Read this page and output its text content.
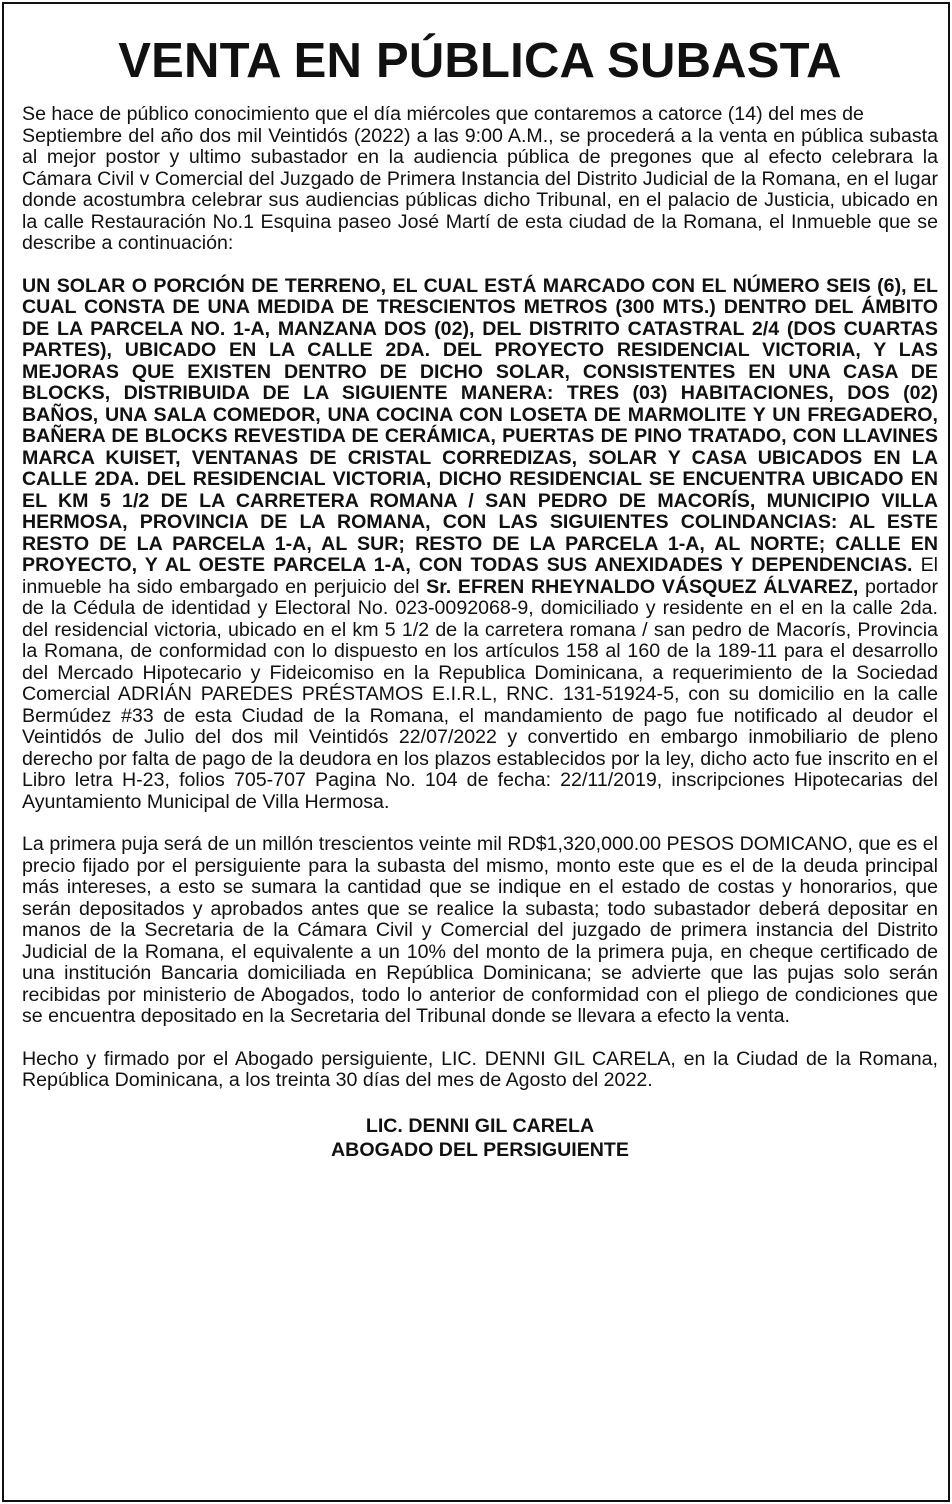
VENTA EN PÚBLICA SUBASTA

Se hace de público conocimiento que el día miércoles que contaremos a catorce (14) del mes de
Septiembre del año dos mil Veintidós (2022) a las 9:00 A.M., se procederá a la venta en pública subasta al mejor postor y ultimo subastador en la audiencia pública de pregones que al efecto celebrara la Cámara Civil v Comercial del Juzgado de Primera Instancia del Distrito Judicial de la Romana, en el lugar donde acostumbra celebrar sus audiencias públicas dicho Tribunal, en el palacio de Justicia, ubicado en la calle Restauración No.1 Esquina paseo José Martí de esta ciudad de la Romana, el Inmueble que se describe a continuación:

UN SOLAR O PORCIÓN DE TERRENO, EL CUAL ESTÁ MARCADO CON EL NÚMERO SEIS (6), EL CUAL CONSTA DE UNA MEDIDA DE TRESCIENTOS METROS (300 MTS.) DENTRO DEL ÁMBITO DE LA PARCELA NO. 1-A, MANZANA DOS (02), DEL DISTRITO CATASTRAL 2/4 (DOS CUARTAS PARTES), UBICADO EN LA CALLE 2DA. DEL PROYECTO RESIDENCIAL VICTORIA, Y LAS MEJORAS QUE EXISTEN DENTRO DE DICHO SOLAR, CONSISTENTES EN UNA CASA DE BLOCKS, DISTRIBUIDA DE LA SIGUIENTE MANERA: TRES (03) HABITACIONES, DOS (02) BAÑOS, UNA SALA COMEDOR, UNA COCINA CON LOSETA DE MARMOLITE Y UN FREGADERO, BAÑERA DE BLOCKS REVESTIDA DE CERÁMICA, PUERTAS DE PINO TRATADO, CON LLAVINES MARCA KUISET, VENTANAS DE CRISTAL CORREDIZAS, SOLAR Y CASA UBICADOS EN LA CALLE 2DA. DEL RESIDENCIAL VICTORIA, DICHO RESIDENCIAL SE ENCUENTRA UBICADO EN EL KM 5 1/2 DE LA CARRETERA ROMANA / SAN PEDRO DE MACORÍS, MUNICIPIO VILLA HERMOSA, PROVINCIA DE LA ROMANA, CON LAS SIGUIENTES COLINDANCIAS: AL ESTE RESTO DE LA PARCELA 1-A, AL SUR; RESTO DE LA PARCELA 1-A, AL NORTE; CALLE EN PROYECTO, Y AL OESTE PARCELA 1-A, CON TODAS SUS ANEXIDADES Y DEPENDENCIAS. El inmueble ha sido embargado en perjuicio del Sr. EFREN RHEYNALDO VÁSQUEZ ÁLVAREZ, portador de la Cédula de identidad y Electoral No. 023-0092068-9, domiciliado y residente en el en la calle 2da. del residencial victoria, ubicado en el km 5 1/2 de la carretera romana / san pedro de Macorís, Provincia la Romana, de conformidad con lo dispuesto en los artículos 158 al 160 de la 189-11 para el desarrollo del Mercado Hipotecario y Fideicomiso en la Republica Dominicana, a requerimiento de la Sociedad Comercial ADRIÁN PAREDES PRÉSTAMOS E.I.R.L, RNC. 131-51924-5, con su domicilio en la calle Bermúdez #33 de esta Ciudad de la Romana, el mandamiento de pago fue notificado al deudor el Veintidós de Julio del dos mil Veintidós 22/07/2022 y convertido en embargo inmobiliario de pleno derecho por falta de pago de la deudora en los plazos establecidos por la ley, dicho acto fue inscrito en el Libro letra H-23, folios 705-707 Pagina No. 104 de fecha: 22/11/2019, inscripciones Hipotecarias del Ayuntamiento Municipal de Villa Hermosa.

La primera puja será de un millón trescientos veinte mil RD$1,320,000.00 PESOS DOMICANO, que es el precio fijado por el persiguiente para la subasta del mismo, monto este que es el de la deuda principal más intereses, a esto se sumara la cantidad que se indique en el estado de costas y honorarios, que serán depositados y aprobados antes que se realice la subasta; todo subastador deberá depositar en manos de la Secretaria de la Cámara Civil y Comercial del juzgado de primera instancia del Distrito Judicial de la Romana, el equivalente a un 10% del monto de la primera puja, en cheque certificado de una institución Bancaria domiciliada en República Dominicana; se advierte que las pujas solo serán recibidas por ministerio de Abogados, todo lo anterior de conformidad con el pliego de condiciones que se encuentra depositado en la Secretaria del Tribunal donde se llevara a efecto la venta.

Hecho y firmado por el Abogado persiguiente, LIC. DENNI GIL CARELA, en la Ciudad de la Romana, República Dominicana, a los treinta 30 días del mes de Agosto del 2022.

LIC. DENNI GIL CARELA
ABOGADO DEL PERSIGUIENTE
